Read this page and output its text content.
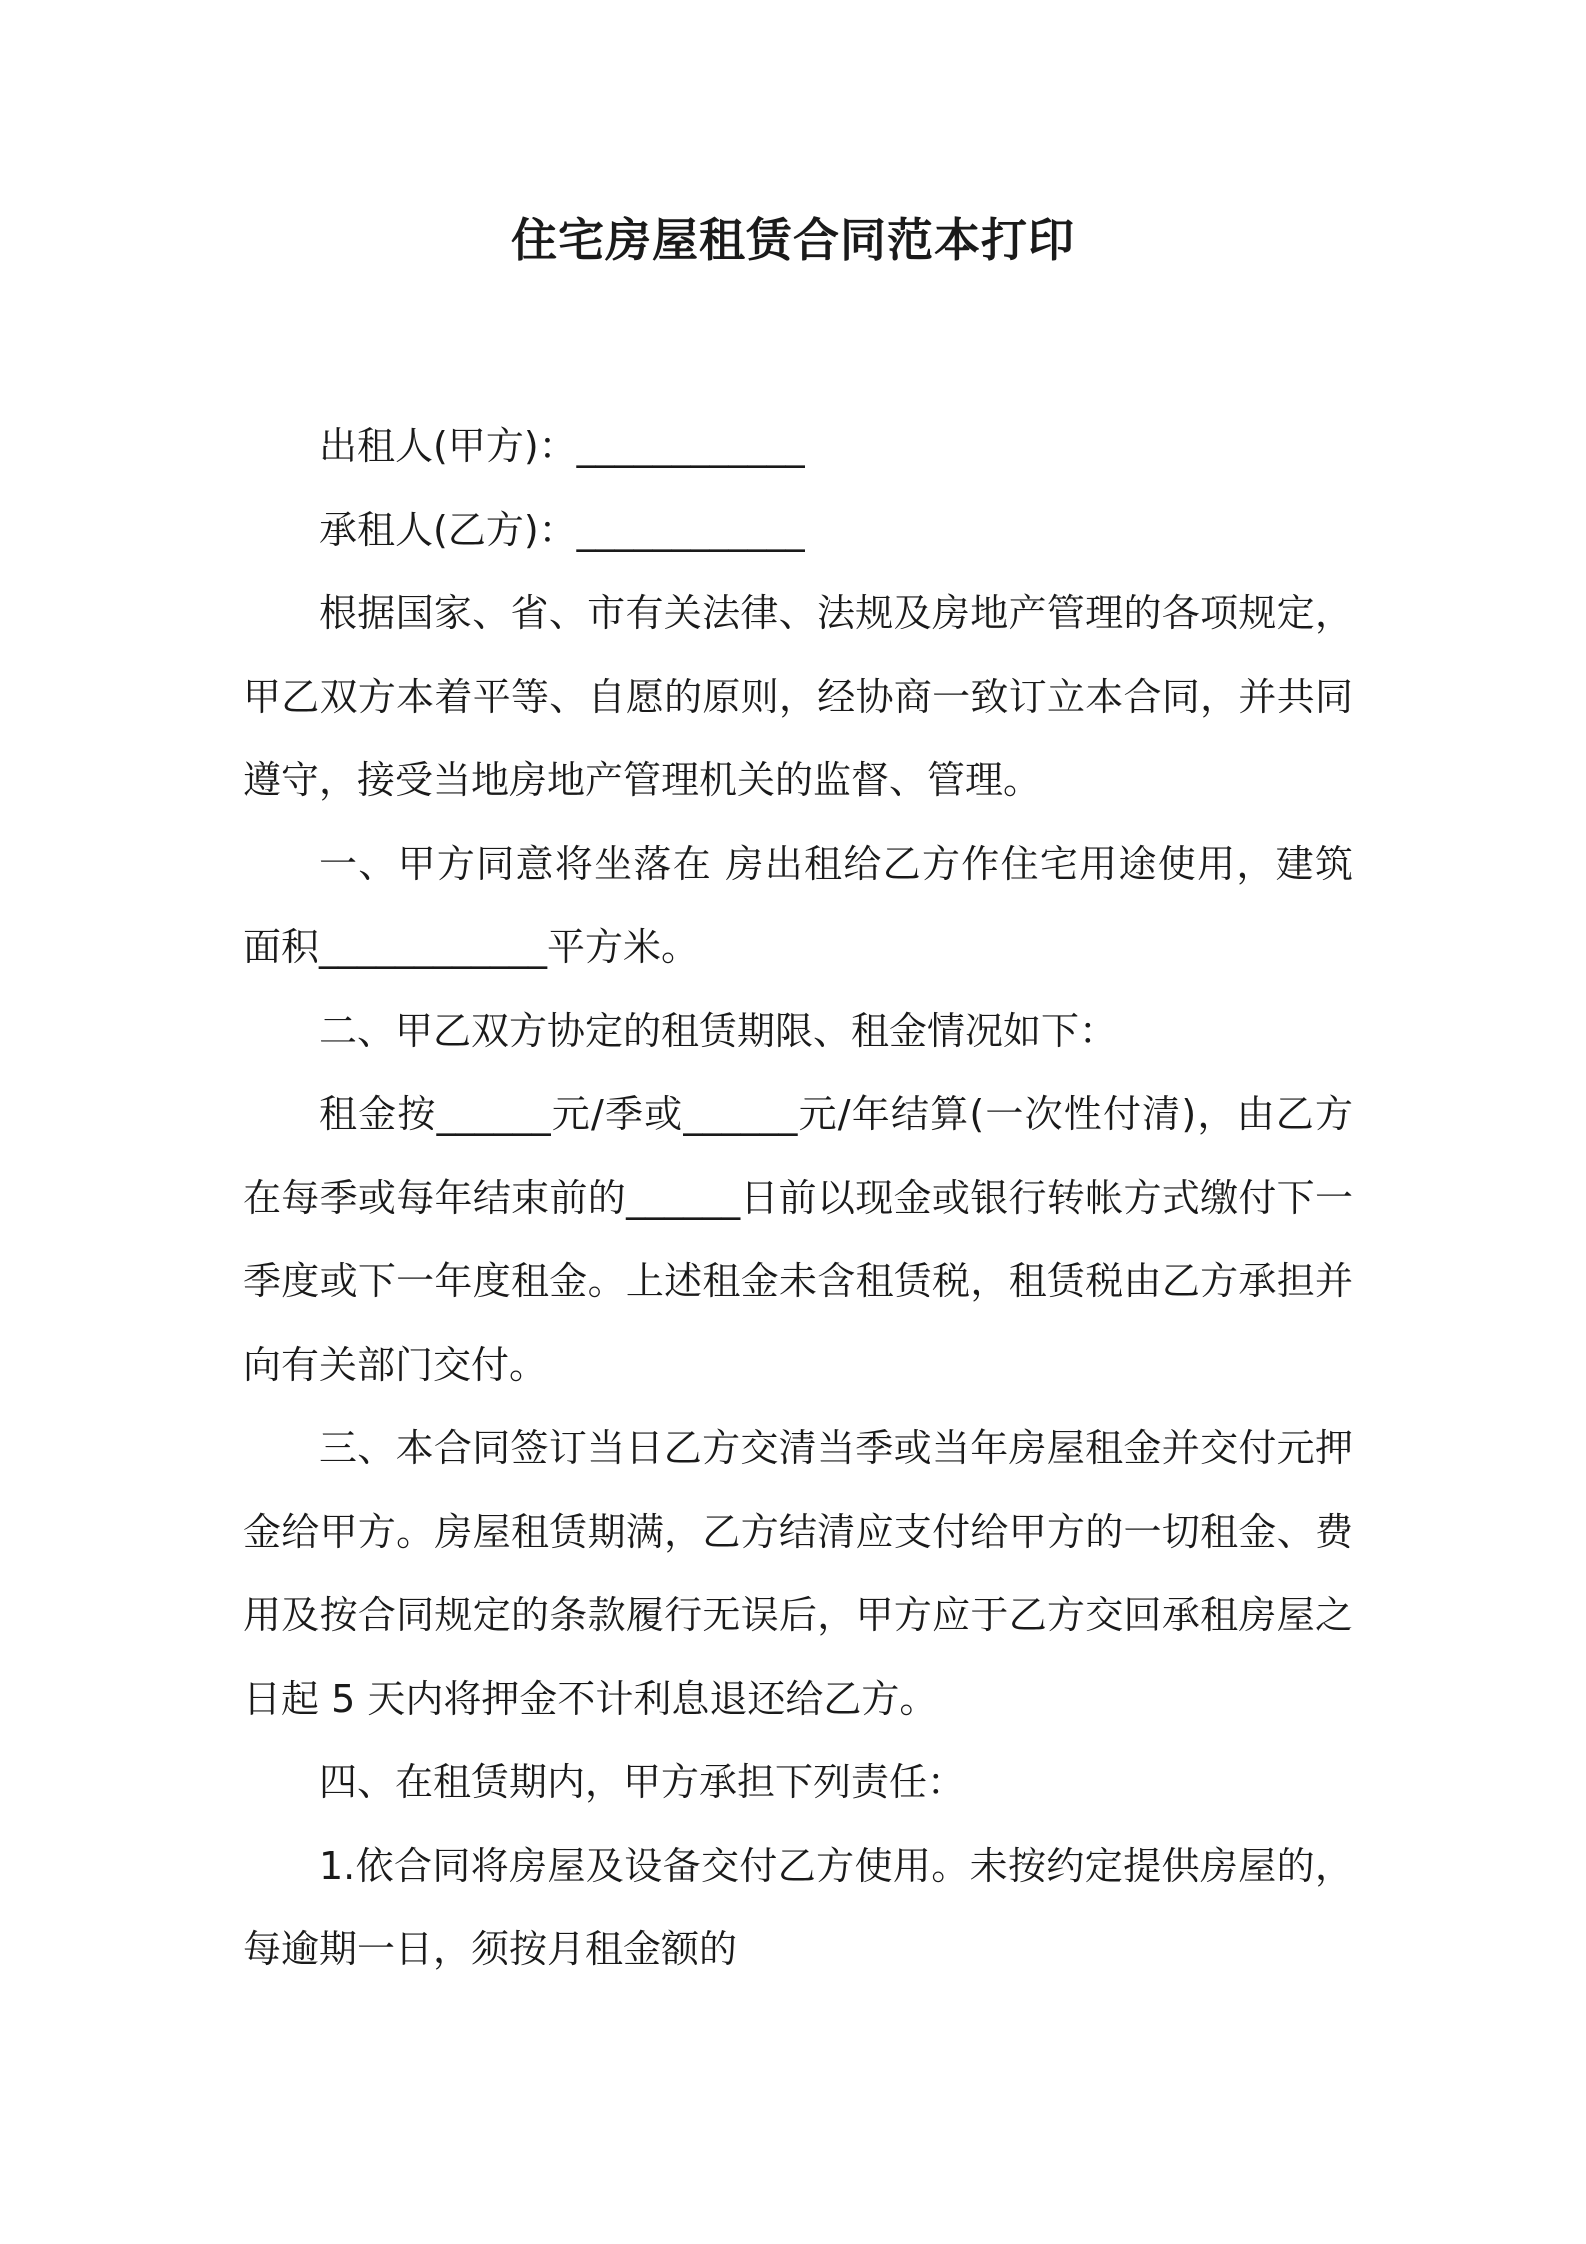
住宅房屋租赁合同范本打印

出租人(甲方)：____________

承租人(乙方)：____________

根据国家、省、市有关法律、法规及房地产管理的各项规定，甲乙双方本着平等、自愿的原则，经协商一致订立本合同，并共同遵守，接受当地房地产管理机关的监督、管理。

一、甲方同意将坐落在 房出租给乙方作住宅用途使用，建筑面积____________平方米。

二、甲乙双方协定的租赁期限、租金情况如下：

租金按______元/季或______元/年结算(一次性付清)，由乙方在每季或每年结束前的______日前以现金或银行转帐方式缴付下一季度或下一年度租金。上述租金未含租赁税，租赁税由乙方承担并向有关部门交付。

三、本合同签订当日乙方交清当季或当年房屋租金并交付元押金给甲方。房屋租赁期满，乙方结清应支付给甲方的一切租金、费用及按合同规定的条款履行无误后，甲方应于乙方交回承租房屋之日起 5 天内将押金不计利息退还给乙方。

四、在租赁期内，甲方承担下列责任：

1.依合同将房屋及设备交付乙方使用。未按约定提供房屋的，每逾期一日，须按月租金额的
